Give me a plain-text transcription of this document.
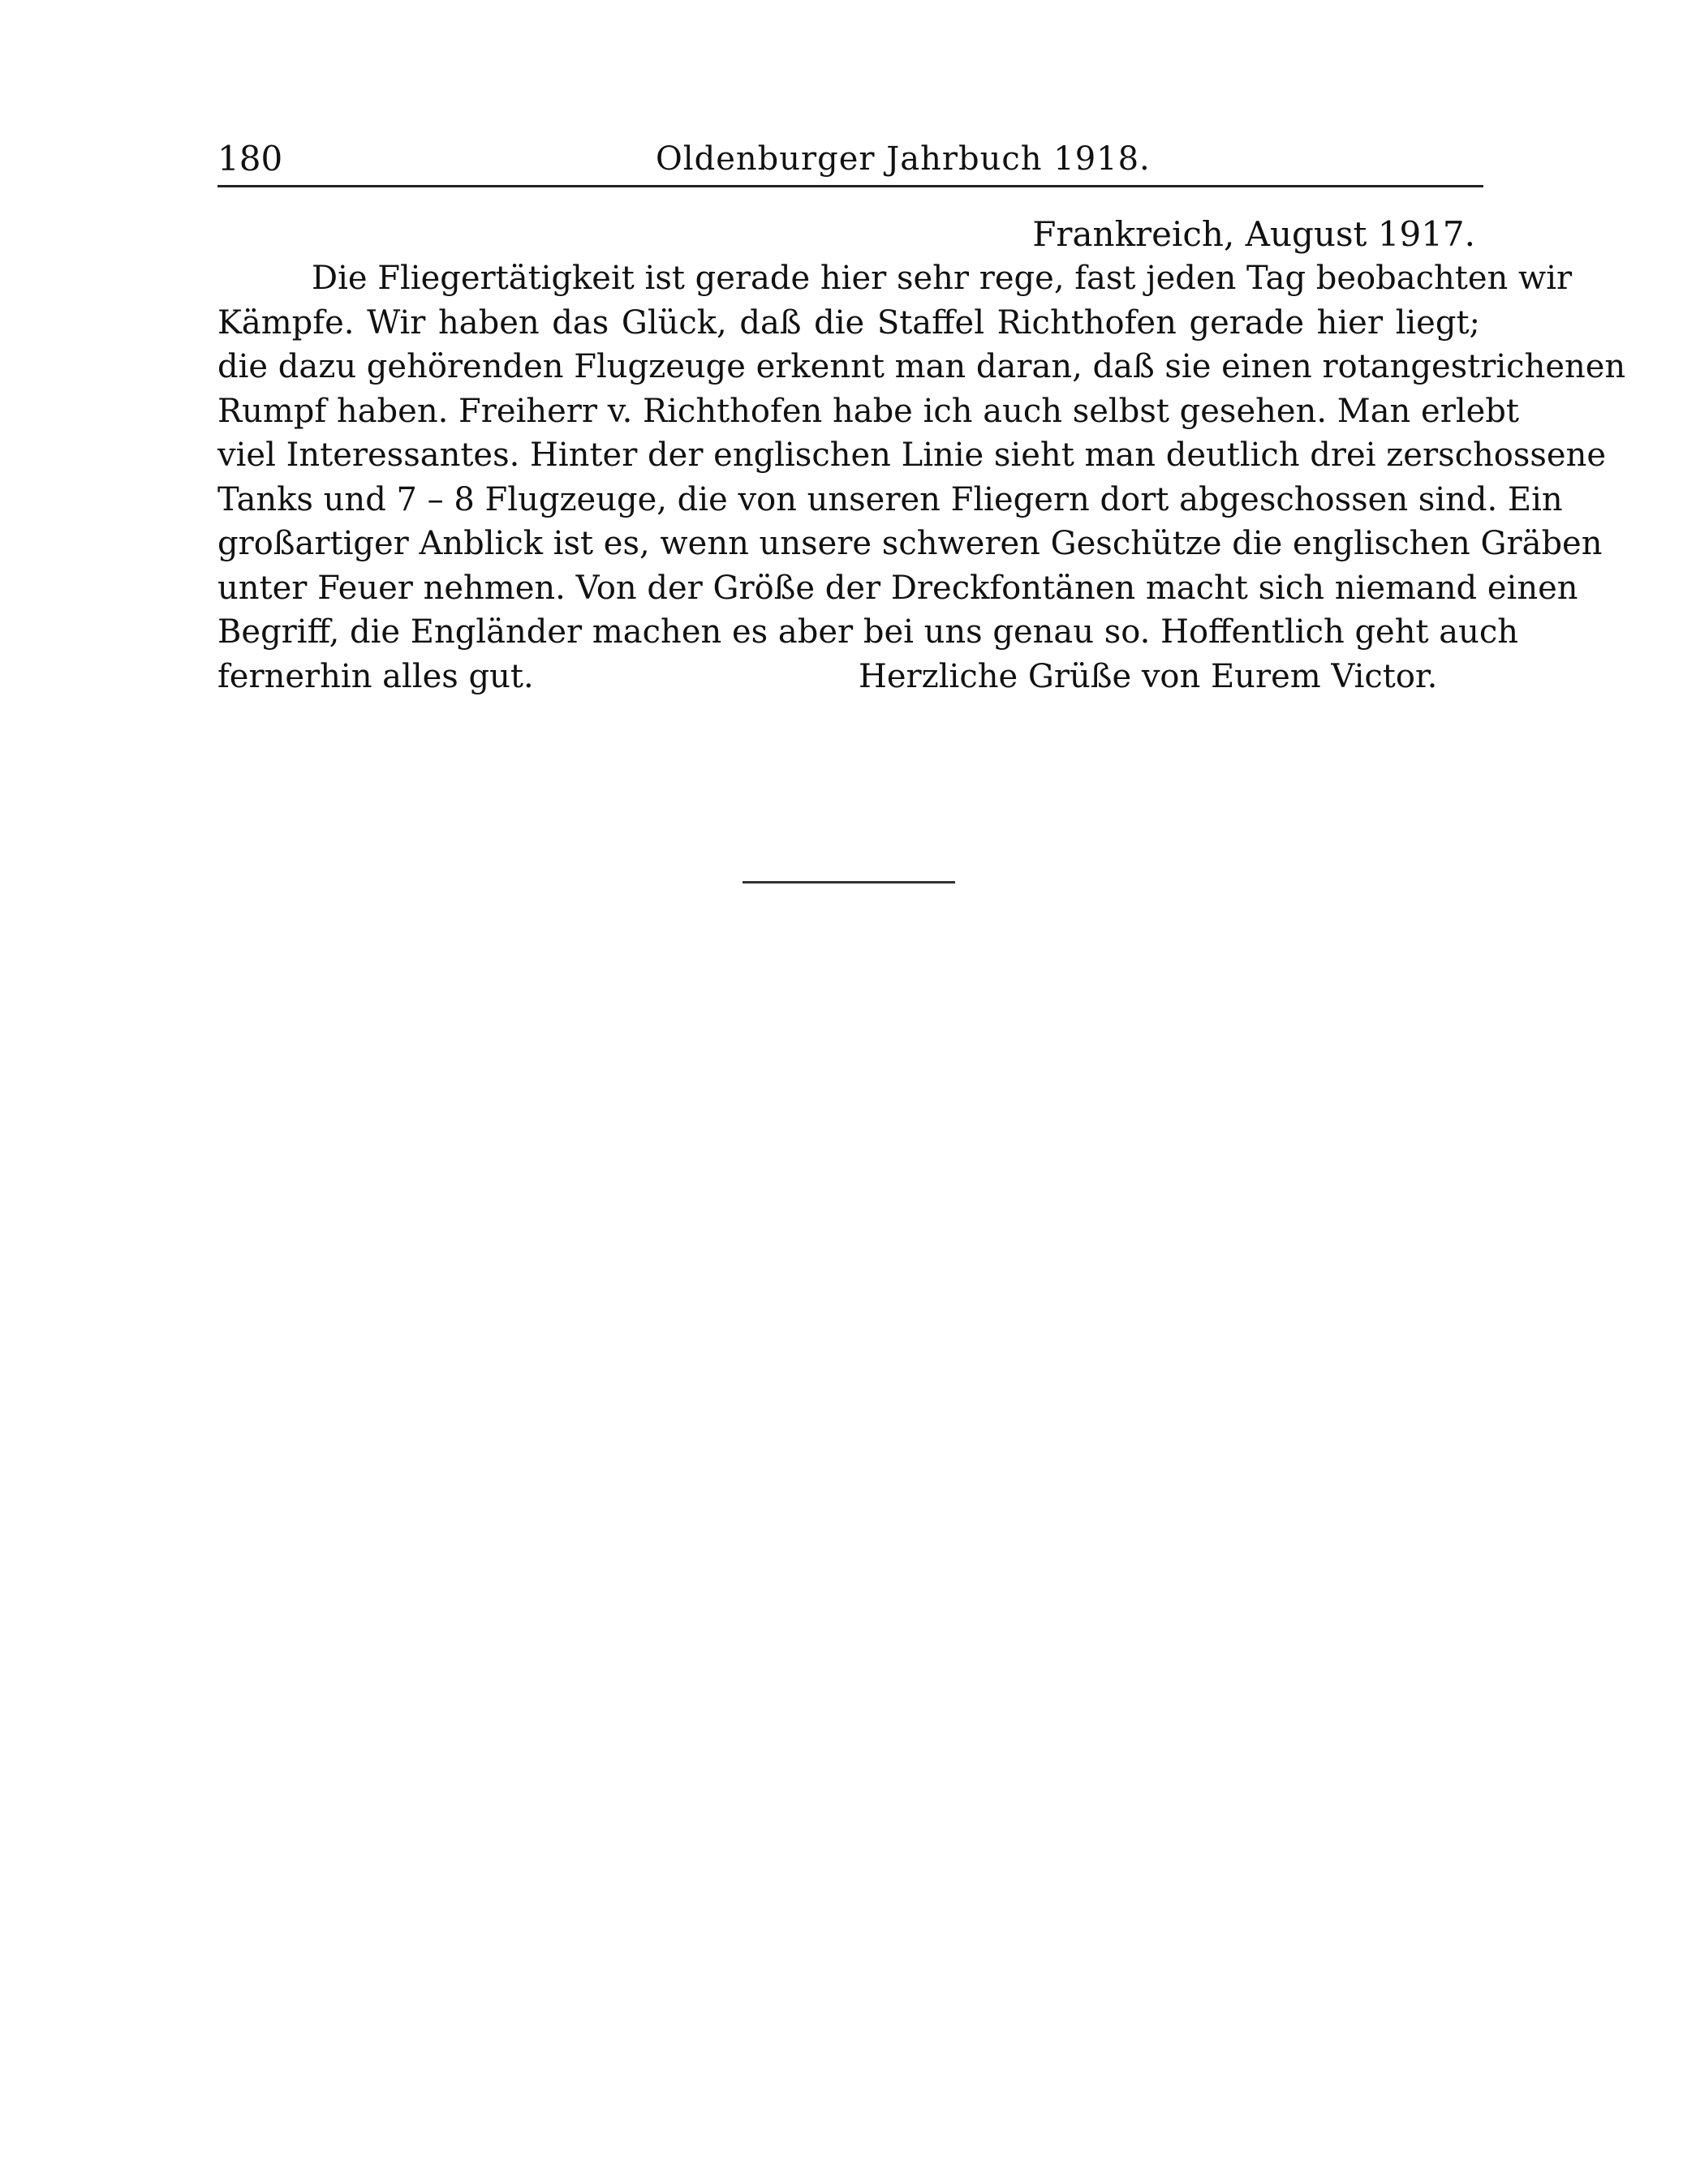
180	Oldenburger Jahrbuch 1918.
Frankreich, August 1917.
Die Fliegertätigkeit ist gerade hier sehr rege, fast jeden Tag beobachten wir
Kämpfe. Wir haben das Glück, daß die Staffel Richthofen gerade hier liegt;
die dazu gehörenden Flugzeuge erkennt man daran, daß sie einen rotangestrichenen
Rumpf haben. Freiherr v. Richthofen habe ich auch selbst gesehen. Man erlebt
viel Interessantes. Hinter der englischen Linie sieht man deutlich drei zerschossene
Tanks und 7 – 8 Flugzeuge, die von unseren Fliegern dort abgeschossen sind. Ein
großartiger Anblick ist es, wenn unsere schweren Geschütze die englischen Gräben
unter Feuer nehmen. Von der Größe der Dreckfontänen macht sich niemand einen
Begriff, die Engländer machen es aber bei uns genau so. Hoffentlich geht auch
fernerhin alles gut.	Herzliche Grüße von Eurem Victor.
